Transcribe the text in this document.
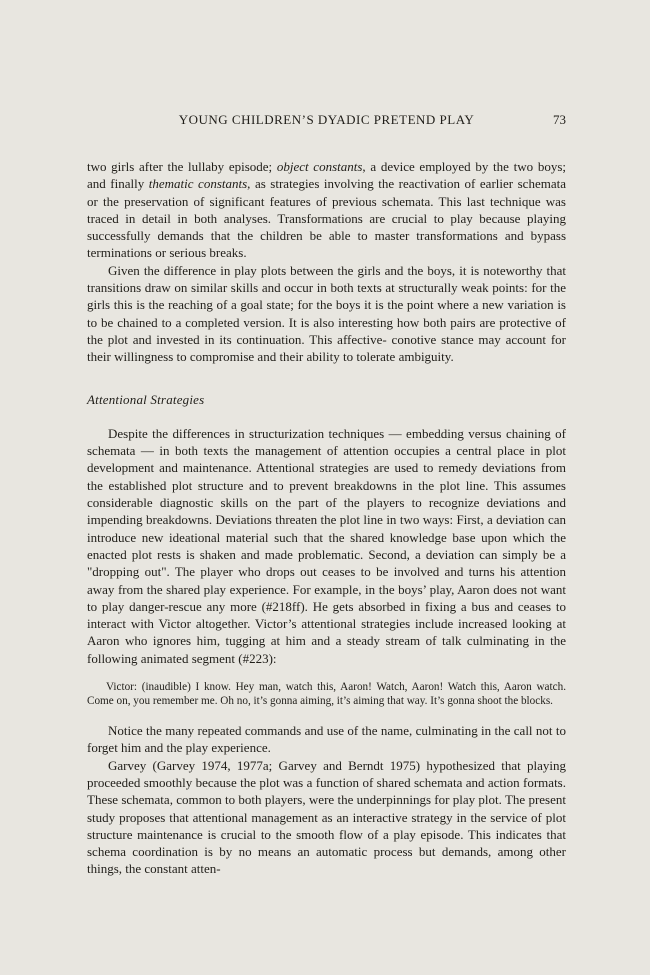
YOUNG CHILDREN’S DYADIC PRETEND PLAY	73

two girls after the lullaby episode; object constants, a device employed by the two boys; and finally thematic constants, as strategies involving the reactivation of earlier schemata or the preservation of significant features of previous schemata. This last technique was traced in detail in both analyses. Transformations are crucial to play because playing successfully demands that the children be able to master transformations and bypass terminations or serious breaks.

Given the difference in play plots between the girls and the boys, it is noteworthy that transitions draw on similar skills and occur in both texts at structurally weak points: for the girls this is the reaching of a goal state; for the boys it is the point where a new variation is to be chained to a completed version. It is also interesting how both pairs are protective of the plot and invested in its continuation. This affective- conotive stance may account for their willingness to compromise and their ability to tolerate ambiguity.

Attentional Strategies

Despite the differences in structurization techniques — embedding versus chaining of schemata — in both texts the management of attention occupies a central place in plot development and maintenance. Attentional strategies are used to remedy deviations from the established plot structure and to prevent breakdowns in the plot line. This assumes considerable diagnostic skills on the part of the players to recognize deviations and impending breakdowns. Deviations threaten the plot line in two ways: First, a deviation can introduce new ideational material such that the shared knowledge base upon which the enacted plot rests is shaken and made problematic. Second, a deviation can simply be a "dropping out". The player who drops out ceases to be involved and turns his attention away from the shared play experience. For example, in the boys’ play, Aaron does not want to play danger-rescue any more (#218ff). He gets absorbed in fixing a bus and ceases to interact with Victor altogether. Victor’s attentional strategies include increased looking at Aaron who ignores him, tugging at him and a steady stream of talk culminating in the following animated segment (#223):

Victor: (inaudible) I know. Hey man, watch this, Aaron! Watch, Aaron! Watch this, Aaron watch. Come on, you remember me. Oh no, it’s gonna aiming, it’s aiming that way. It’s gonna shoot the blocks.

Notice the many repeated commands and use of the name, culminating in the call not to forget him and the play experience.

Garvey (Garvey 1974, 1977a; Garvey and Berndt 1975) hypothesized that playing proceeded smoothly because the plot was a function of shared schemata and action formats. These schemata, common to both players, were the underpinnings for play plot. The present study proposes that attentional management as an interactive strategy in the service of plot structure maintenance is crucial to the smooth flow of a play episode. This indicates that schema coordination is by no means an automatic process but demands, among other things, the constant atten-
